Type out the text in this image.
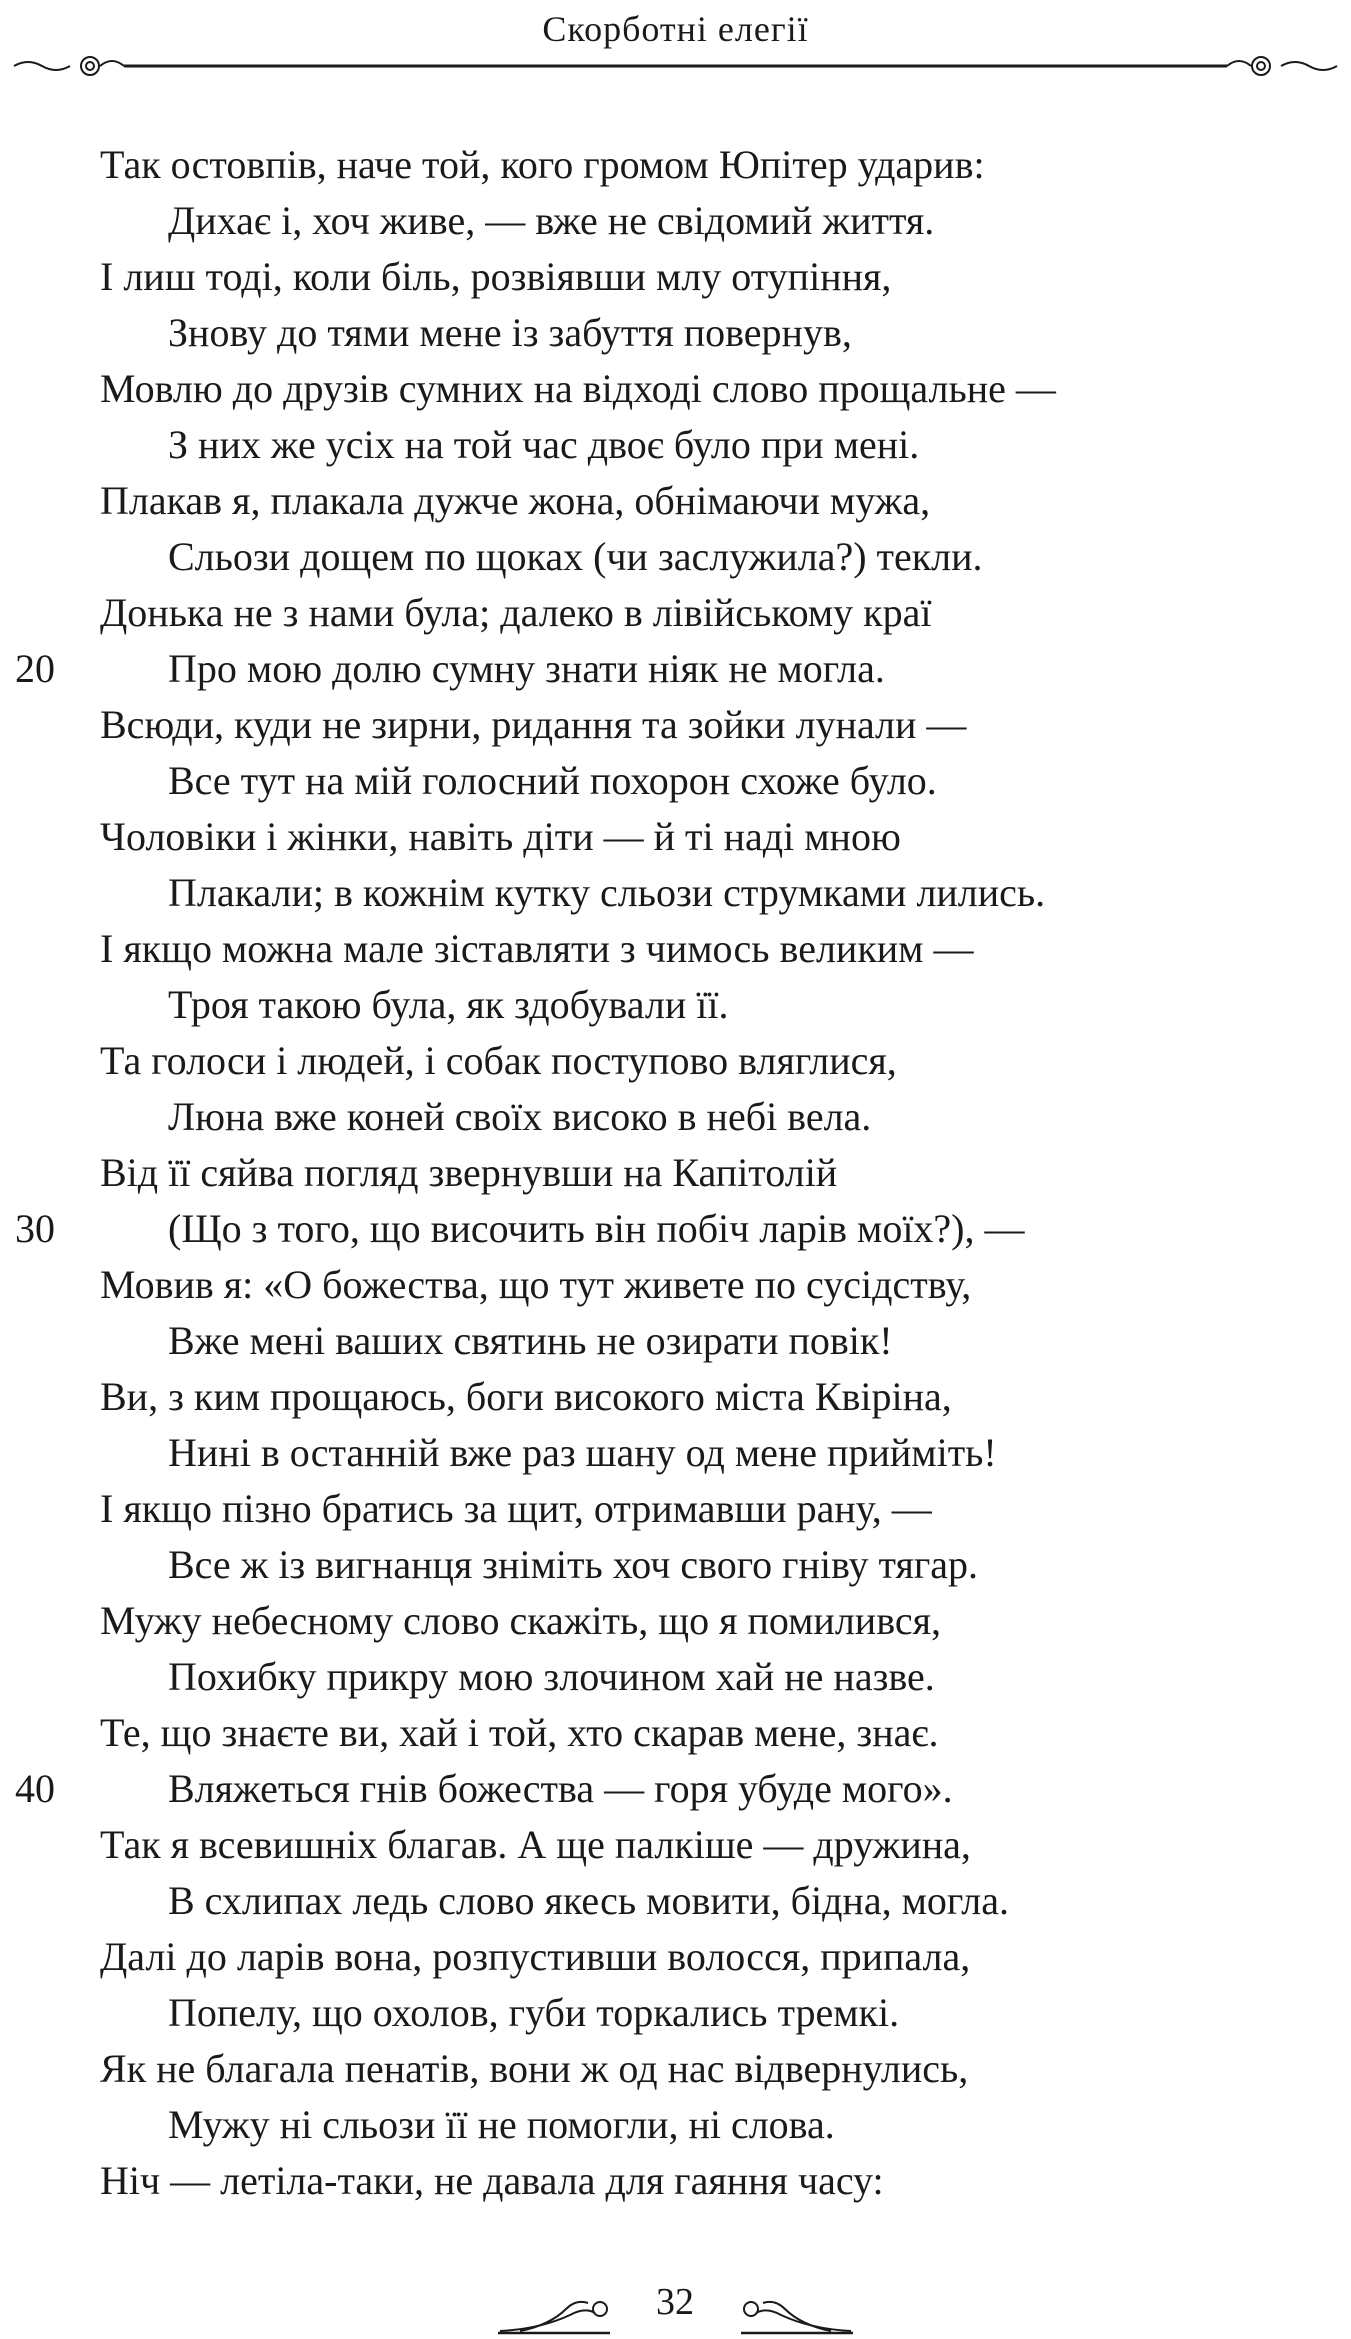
Скорботні елегії
Так остовпів, наче той, кого громом Юпітер ударив:
Дихає і, хоч живе, — вже не свідомий життя.
І лиш тоді, коли біль, розвіявши млу отупіння,
Знову до тями мене із забуття повернув,
Мовлю до друзів сумних на відході слово прощальне —
З них же усіх на той час двоє було при мені.
Плакав я, плакала дужче жона, обнімаючи мужа,
Сльози дощем по щоках (чи заслужила?) текли.
Донька не з нами була; далеко в лівійському краї
20	Про мою долю сумну знати ніяк не могла.
Всюди, куди не зирни, ридання та зойки лунали —
Все тут на мій голосний похорон схоже було.
Чоловіки і жінки, навіть діти — й ті наді мною
Плакали; в кожнім кутку сльози струмками лились.
І якщо можна мале зіставляти з чимось великим —
Троя такою була, як здобували її.
Та голоси і людей, і собак поступово вляглися,
Люна вже коней своїх високо в небі вела.
Від її сяйва погляд звернувши на Капітолій
30	(Що з того, що височить він побіч ларів моїх?), —
Мовив я: «О божества, що тут живете по сусідству,
Вже мені ваших святинь не озирати повік!
Ви, з ким прощаюсь, боги високого міста Квіріна,
Нині в останній вже раз шану од мене прийміть!
І якщо пізно братись за щит, отримавши рану, —
Все ж із вигнанця зніміть хоч свого гніву тягар.
Мужу небесному слово скажіть, що я помилився,
Похибку прикру мою злочином хай не назве.
Те, що знаєте ви, хай і той, хто скарав мене, знає.
40	Вляжеться гнів божества — горя убуде мого».
Так я всевишніх благав. А ще палкіше — дружина,
В схлипах ледь слово якесь мовити, бідна, могла.
Далі до ларів вона, розпустивши волосся, припала,
Попелу, що охолов, губи торкались тремкі.
Як не благала пенатів, вони ж од нас відвернулись,
Мужу ні сльози її не помогли, ні слова.
Ніч — летіла-таки, не давала для гаяння часу:
32
